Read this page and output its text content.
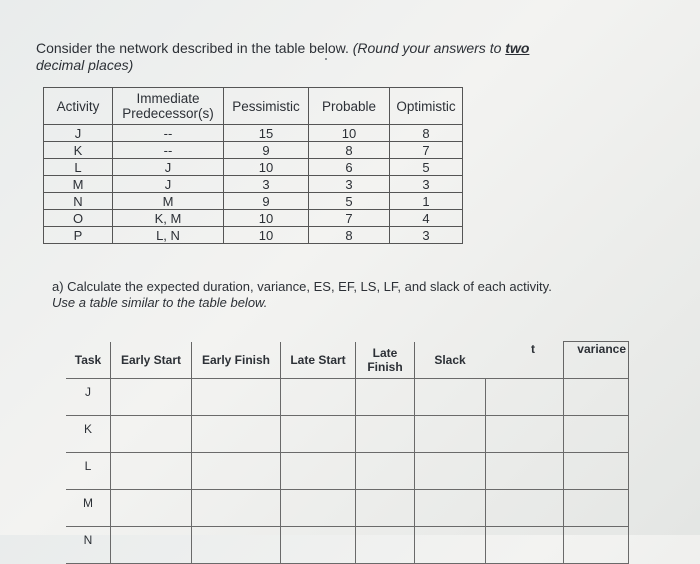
Consider the network described in the table below. (Round your answers to two
decimal places)
Activity	Immediate Predecessor(s)	Pessimistic	Probable	Optimistic
J	--	15	10	8
K	--	9	8	7
L	J	10	6	5
M	J	3	3	3
N	M	9	5	1
O	K, M	10	7	4
P	L, N	10	8	3
a) Calculate the expected duration, variance, ES, EF, LS, LF, and slack of each activity.
Use a table similar to the table below.
Task	Early Start	Early Finish	Late Start	Late Finish	Slack	t	variance
J							
K							
L							
M							
N							
